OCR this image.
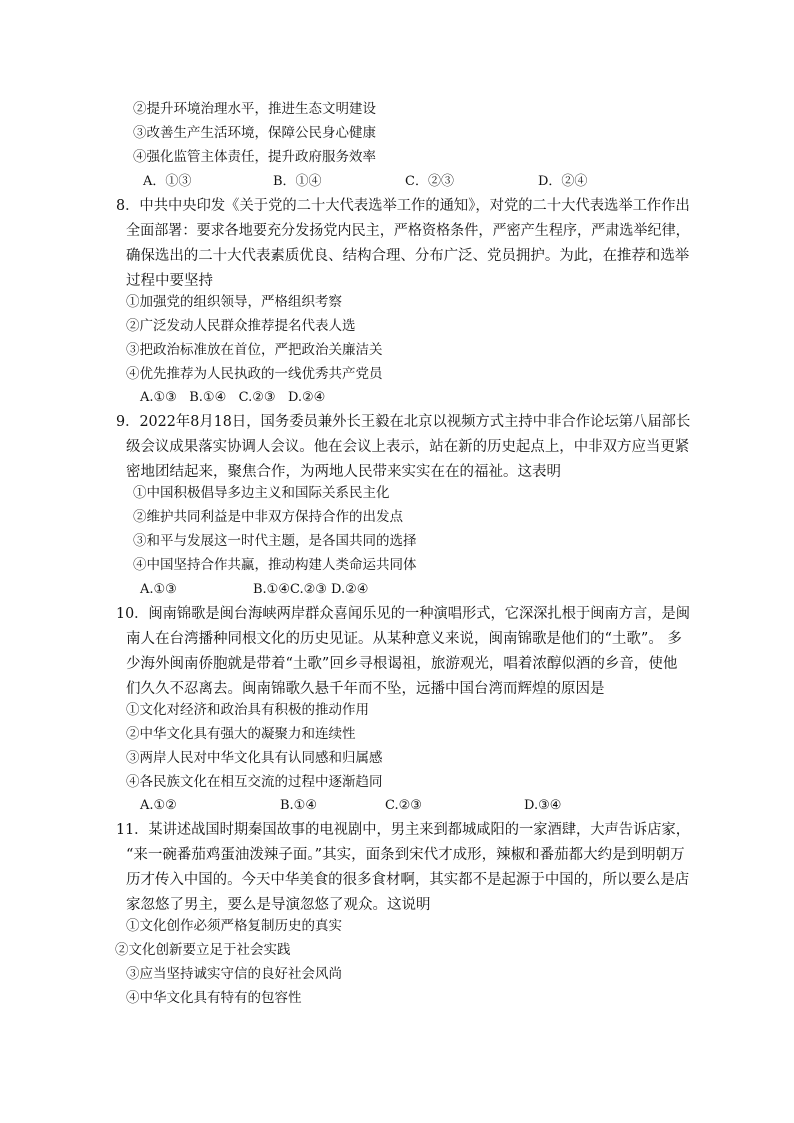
②提升环境治理水平，推进生态文明建设
③改善生产生活环境，保障公民身心健康
④强化监管主体责任，提升政府服务效率
A．①③	B．①④	C．②③	D．②④
8．中共中央印发《关于党的二十大代表选举工作的通知》，对党的二十大代表选举工作作出
全面部署：要求各地要充分发扬党内民主，严格资格条件，严密产生程序，严肃选举纪律，
确保选出的二十大代表素质优良、结构合理、分布广泛、党员拥护。为此，在推荐和选举
过程中要坚持
①加强党的组织领导，严格组织考察
②广泛发动人民群众推荐提名代表人选
③把政治标准放在首位，严把政治关廉洁关
④优先推荐为人民执政的一线优秀共产党员
A.①③   B.①④   C.②③   D.②④
9．2022年8月18日，国务委员兼外长王毅在北京以视频方式主持中非合作论坛第八届部长
级会议成果落实协调人会议。他在会议上表示，站在新的历史起点上，中非双方应当更紧
密地团结起来，聚焦合作，为两地人民带来实实在在的福祉。这表明
①中国积极倡导多边主义和国际关系民主化
②维护共同利益是中非双方保持合作的出发点
③和平与发展这一时代主题，是各国共同的选择
④中国坚持合作共赢，推动构建人类命运共同体
A.①③	B.①④C.②③ D.②④
10．闽南锦歌是闽台海峡两岸群众喜闻乐见的一种演唱形式，它深深扎根于闽南方言，是闽
南人在台湾播种同根文化的历史见证。从某种意义来说，闽南锦歌是他们的“土歌”。 多
少海外闽南侨胞就是带着“土歌”回乡寻根谒祖，旅游观光，唱着浓醇似酒的乡音，使他
们久久不忍离去。闽南锦歌久悬千年而不坠，远播中国台湾而辉煌的原因是
①文化对经济和政治具有积极的推动作用
②中华文化具有强大的凝聚力和连续性
③两岸人民对中华文化具有认同感和归属感
④各民族文化在相互交流的过程中逐渐趋同
A.①②	B.①④	C.②③	D.③④
11．某讲述战国时期秦国故事的电视剧中，男主来到都城咸阳的一家酒肆，大声告诉店家，
“来一碗番茄鸡蛋油泼辣子面。”其实，面条到宋代才成形，辣椒和番茄都大约是到明朝万
历才传入中国的。今天中华美食的很多食材啊，其实都不是起源于中国的，所以要么是店
家忽悠了男主，要么是导演忽悠了观众。这说明
①文化创作必须严格复制历史的真实
②文化创新要立足于社会实践
③应当坚持诚实守信的良好社会风尚
④中华文化具有特有的包容性
